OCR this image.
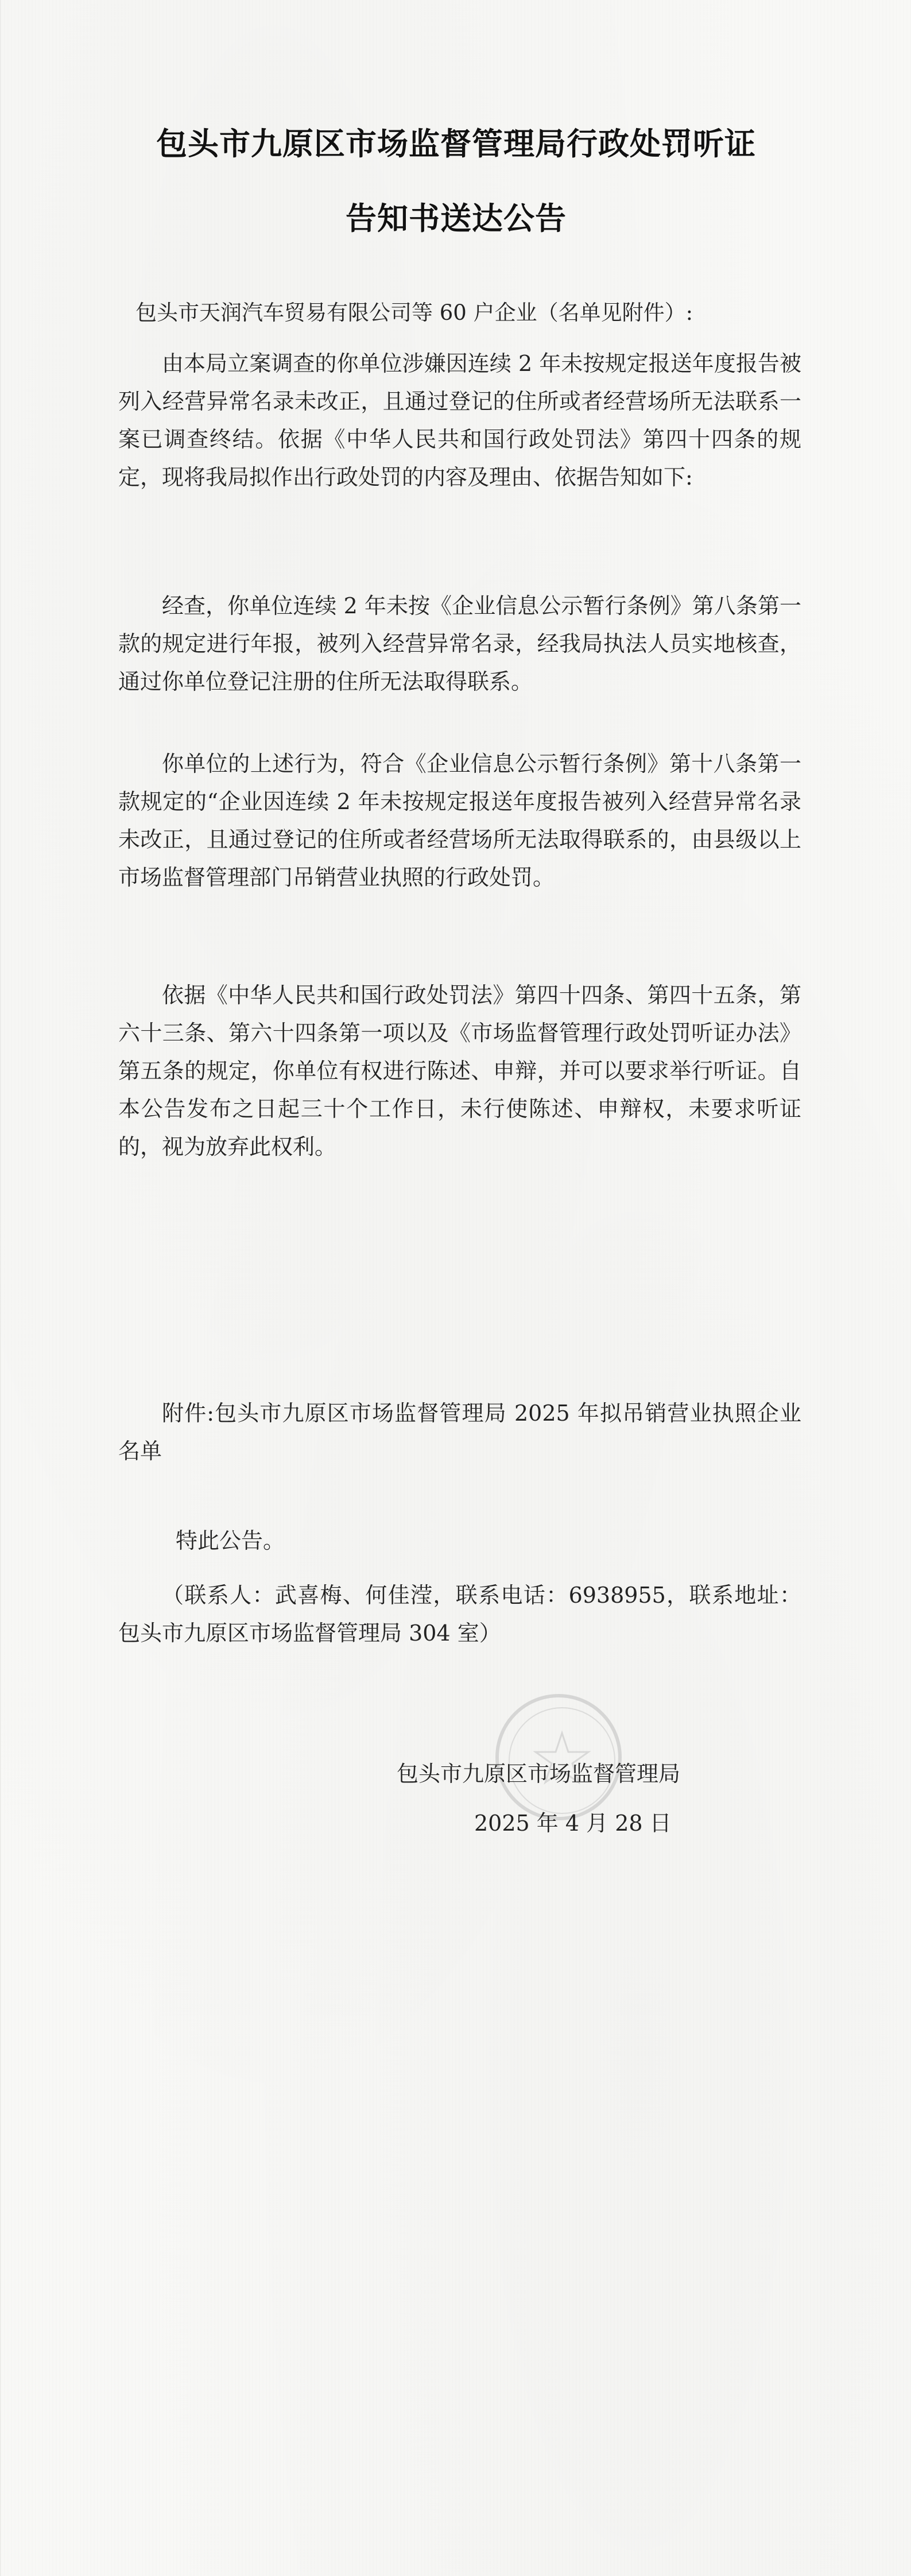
包头市九原区市场监督管理局行政处罚听证
告知书送达公告

包头市天润汽车贸易有限公司等 60 户企业（名单见附件）:

由本局立案调查的你单位涉嫌因连续 2 年未按规定报送年度报告被列入经营异常名录未改正，且通过登记的住所或者经营场所无法联系一案已调查终结。依据《中华人民共和国行政处罚法》第四十四条的规定，现将我局拟作出行政处罚的内容及理由、依据告知如下:

经查，你单位连续 2 年未按《企业信息公示暂行条例》第八条第一款的规定进行年报，被列入经营异常名录，经我局执法人员实地核查，通过你单位登记注册的住所无法取得联系。

你单位的上述行为，符合《企业信息公示暂行条例》第十八条第一款规定的“企业因连续 2 年未按规定报送年度报告被列入经营异常名录未改正，且通过登记的住所或者经营场所无法取得联系的，由县级以上市场监督管理部门吊销营业执照的行政处罚。

依据《中华人民共和国行政处罚法》第四十四条、第四十五条，第六十三条、第六十四条第一项以及《市场监督管理行政处罚听证办法》第五条的规定，你单位有权进行陈述、申辩，并可以要求举行听证。自本公告发布之日起三十个工作日，未行使陈述、申辩权，未要求听证的，视为放弃此权利。

附件:包头市九原区市场监督管理局 2025 年拟吊销营业执照企业名单

特此公告。

（联系人：武喜梅、何佳滢，联系电话：6938955，联系地址：包头市九原区市场监督管理局 304 室）

包头市九原区市场监督管理局

2025 年 4 月 28 日
